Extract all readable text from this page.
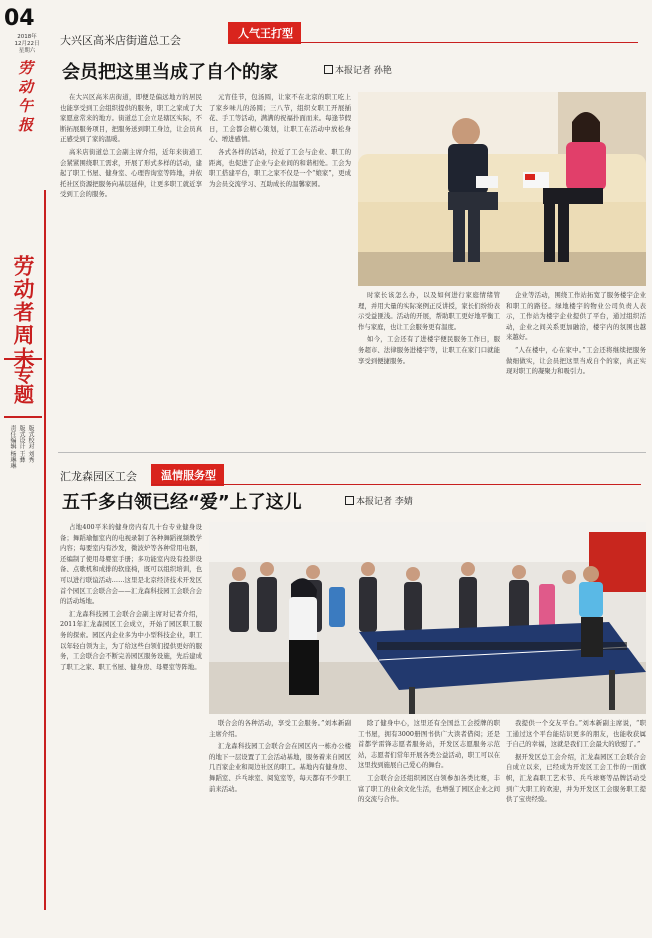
04
2018年
12月22日
星期六
劳动午报
劳动者周末
专题
版式校对 刘秀
版式设计 王彝
责任编辑 杨琳琳
大兴区高米店街道总工会
人气王打型
会员把这里当成了自个的家	本报记者 孙艳

在大兴区高米店街道，即便是偏远地方的居民也能享受到工会组织提供的服务，职工之家成了大家愿意常来的地方。街道总工会立足辖区实际，不断拓展服务项目，把服务送到职工身边，让会员真正感受到了家的温暖。

高米店街道总工会副主席介绍，近年来街道工会紧紧围绕职工需求，开展了形式多样的活动，建起了职工书屋、健身室、心理咨询室等阵地，并依托社区资源把服务向基层延伸，让更多职工就近享受到工会的服务。

元宵佳节，包汤圆，让家不在北京的职工吃上了家乡味儿的汤圆；三八节，组织女职工开展插花、手工等活动，满满的祝福扑面而来。每逢节假日，工会都会精心策划，让职工在活动中放松身心、增进感情。

各式各样的活动，拉近了工会与企业、职工的距离，也促进了企业与企业间的和谐相处。工会为职工搭建平台，职工之家不仅是一个“娘家”，更成为会员交流学习、互助成长的温馨家园。

时家长该怎么办，以及如何进行家庭情绪管理，并用大量的实际案例正反讲授，家长们纷纷表示受益匪浅。活动的开展，帮助职工更好地平衡工作与家庭，也让工会服务更有温度。

如今，工会还有了进楼宇便民服务工作日，服务超市、法律服务进楼宇等，让职工在家门口就能享受到便捷服务。

企业等活动，围绕工作站拓宽了服务楼宇企业和职工的路径。绿地楼宇的物业公司负责人表示，工作站为楼宇企业提供了平台，通过组织活动，企业之间关系更加融洽，楼宇内的氛围也越来越好。

“人在楼中，心在家中。”工会还将继续把服务做细做实，让会员把这里当成自个的家，真正实现对职工的凝聚力和吸引力。

汇龙森园区工会	温情服务型
五千多白领已经“爱”上了这儿	本报记者 李婧

占地400平米的健身房内有几十台专业健身设备；舞蹈瑜伽室内的电视录制了各种舞蹈视频教学内容；每要室内有沙发，微波炉等各种常用电器，还编制了使用母婴室手册；多功能室内设有投影设备、点歌机和成排的软座椅，既可以组织培训，也可以进行联谊活动……这里是北京经济技术开发区首个园区工会联合会——汇龙森科技园工会联合会的活动场地。

汇龙森科技园工会联合会副主席对记者介绍，2011年汇龙森园区工会成立，开始了园区职工服务的探索。园区内企业多为中小型科技企业，职工以年轻白领为主，为了给这些白领们提供更好的服务，工会联合会不断完善园区服务设施，先后建成了职工之家、职工书屋、健身房、母婴室等阵地。

联合会的各种活动，享受工会服务。”刘本新副主席介绍。

汇龙森科技园工会联合会在园区内一栋办公楼的地下一层设置了工会活动基地，服务着来自园区几百家企业和周边社区的职工。基地内有健身房、舞蹈室、乒乓球室、阅览室等，每天都有不少职工前来活动。

除了健身中心，这里还有全国总工会授牌的职工书屋，拥有3000册图书供广大读者借阅；还是首都学雷锋志愿者服务站，开发区志愿服务示范站，志愿者们常年开展各类公益活动，职工可以在这里找到施展自己爱心的舞台。

工会联合会还组织园区白领参加各类比赛，丰富了职工的业余文化生活，也增强了园区企业之间的交流与合作。

我提供一个交友平台。”刘本新副主席说，“职工通过这个平台能结识更多的朋友，也能收获属于自己的幸福，这就是我们工会最大的欣慰了。”

据开发区总工会介绍，汇龙森园区工会联合会自成立以来，已经成为开发区工会工作的一面旗帜，汇龙森职工艺术节、兵乓球赛等品牌活动受到广大职工的欢迎，并为开发区工会服务职工提供了宝贵经验。
